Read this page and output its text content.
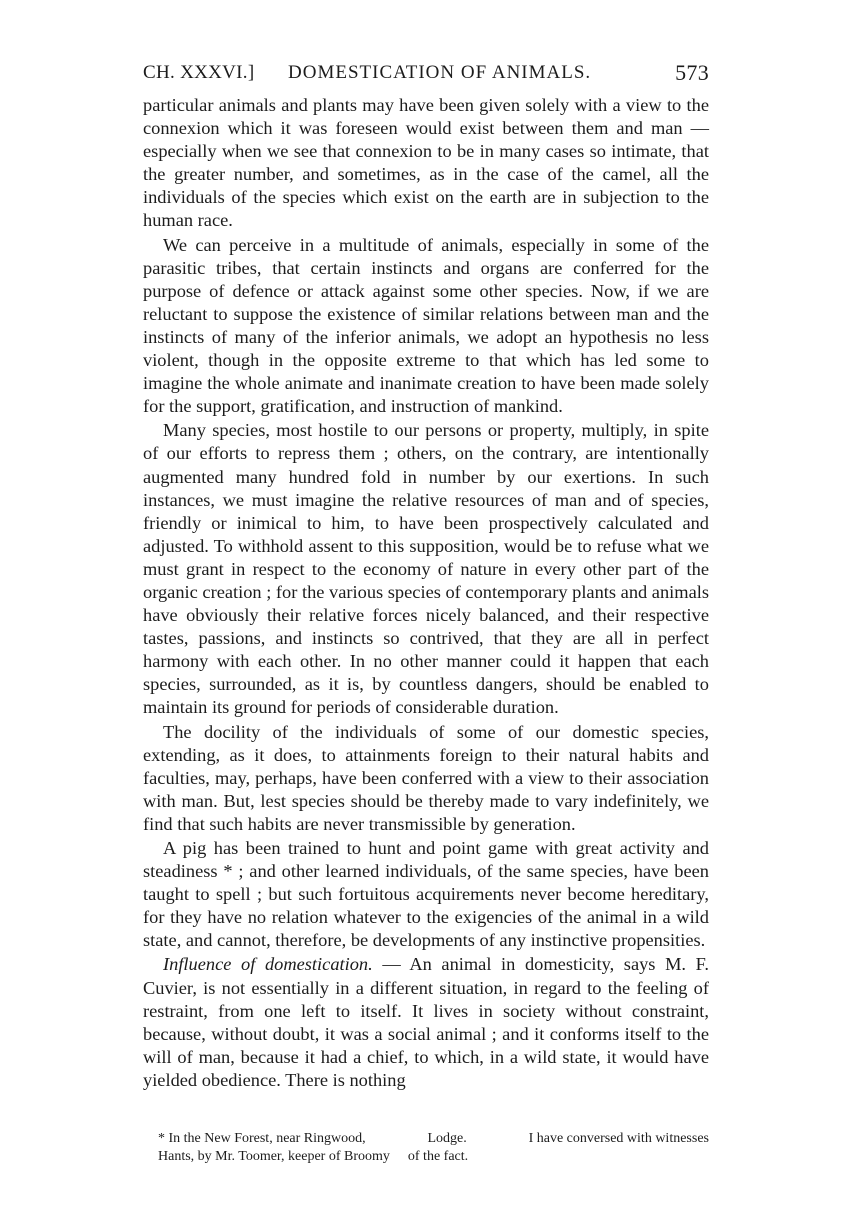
CH. XXXVI.] DOMESTICATION OF ANIMALS.	573

particular animals and plants may have been given solely with a view to the connexion which it was foreseen would exist between them and man — especially when we see that connexion to be in many cases so intimate, that the greater number, and sometimes, as in the case of the camel, all the individuals of the species which exist on the earth are in subjection to the human race.

We can perceive in a multitude of animals, especially in some of the parasitic tribes, that certain instincts and organs are conferred for the purpose of defence or attack against some other species. Now, if we are reluctant to suppose the existence of similar relations between man and the instincts of many of the inferior animals, we adopt an hypothesis no less violent, though in the opposite extreme to that which has led some to imagine the whole animate and inanimate creation to have been made solely for the support, gratification, and instruction of mankind.

Many species, most hostile to our persons or property, multiply, in spite of our efforts to repress them ; others, on the contrary, are intentionally augmented many hundred fold in number by our exertions. In such instances, we must imagine the relative resources of man and of species, friendly or inimical to him, to have been prospectively calculated and adjusted. To withhold assent to this supposition, would be to refuse what we must grant in respect to the economy of nature in every other part of the organic creation ; for the various species of contemporary plants and animals have obviously their relative forces nicely balanced, and their respective tastes, passions, and instincts so contrived, that they are all in perfect harmony with each other. In no other manner could it happen that each species, surrounded, as it is, by countless dangers, should be enabled to maintain its ground for periods of considerable duration.

The docility of the individuals of some of our domestic species, extending, as it does, to attainments foreign to their natural habits and faculties, may, perhaps, have been conferred with a view to their association with man. But, lest species should be thereby made to vary indefinitely, we find that such habits are never transmissible by generation.

A pig has been trained to hunt and point game with great activity and steadiness * ; and other learned individuals, of the same species, have been taught to spell ; but such fortuitous acquirements never become hereditary, for they have no relation whatever to the exigencies of the animal in a wild state, and cannot, therefore, be developments of any instinctive propensities.

Influence of domestication. — An animal in domesticity, says M. F. Cuvier, is not essentially in a different situation, in regard to the feeling of restraint, from one left to itself. It lives in society without constraint, because, without doubt, it was a social animal ; and it conforms itself to the will of man, because it had a chief, to which, in a wild state, it would have yielded obedience. There is nothing

* In the New Forest, near Ringwood,	Lodge.	I have conversed with witnesses
Hants, by Mr. Toomer, keeper of Broomy of the fact.
